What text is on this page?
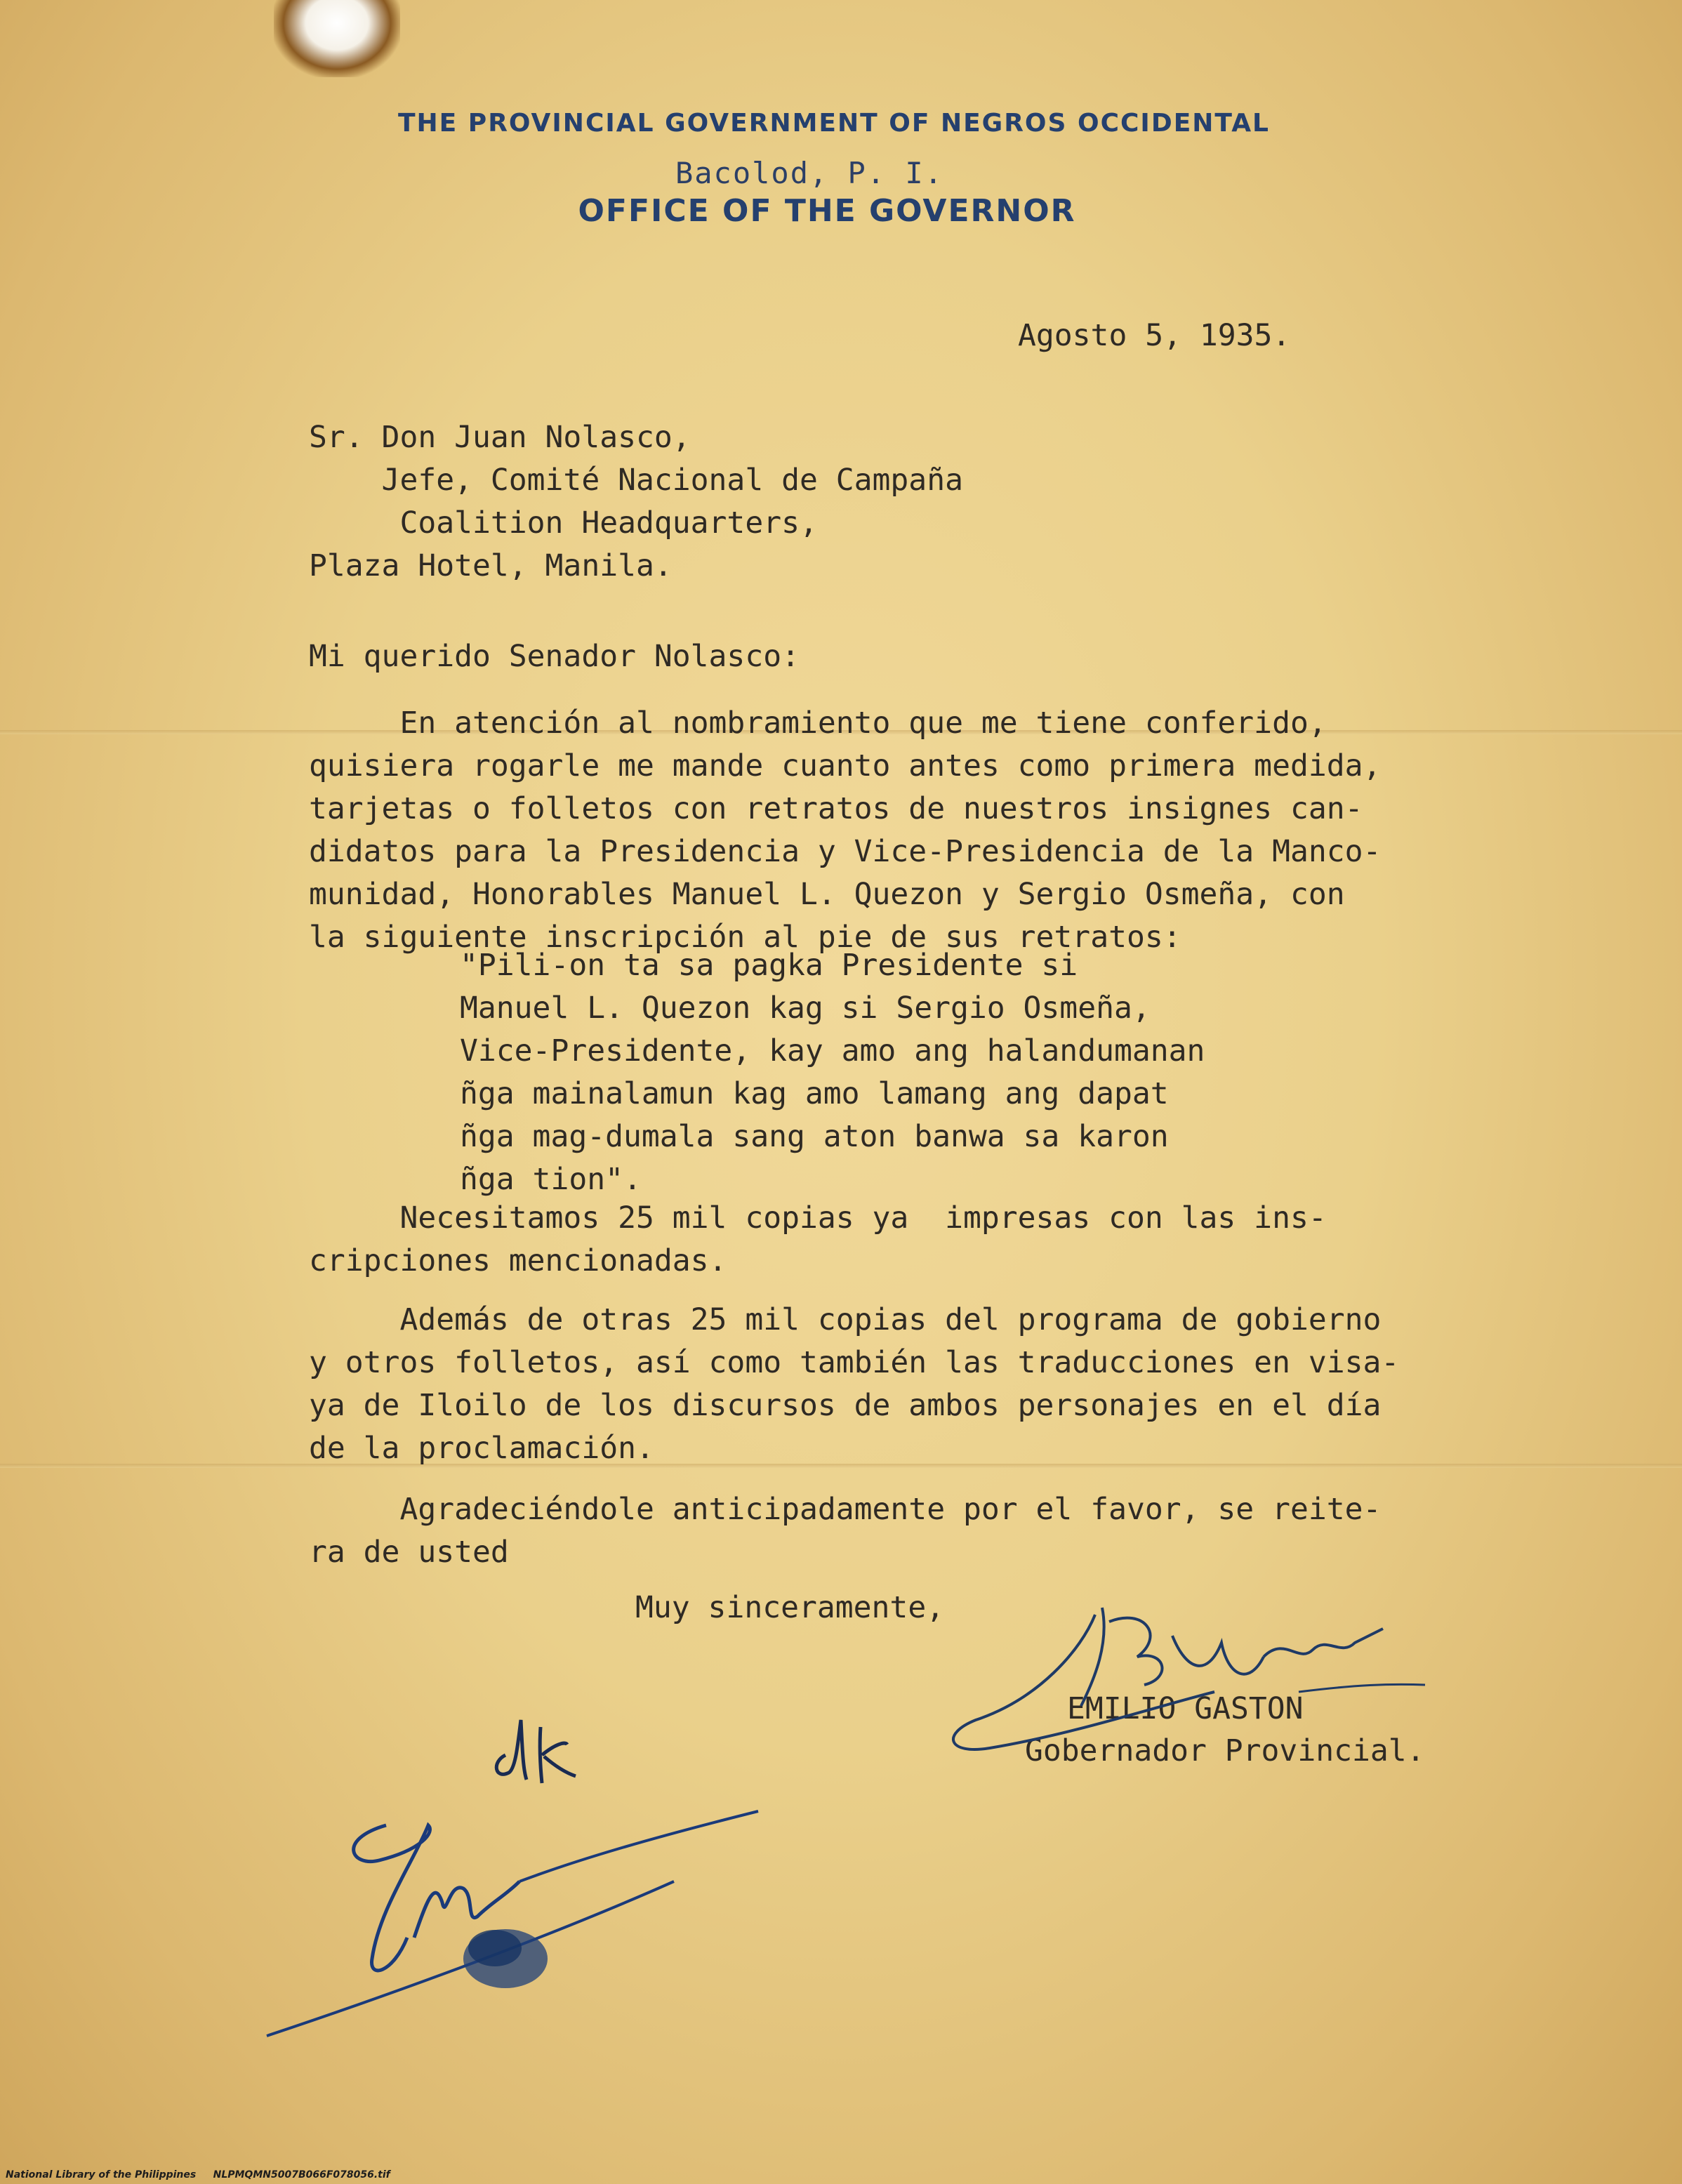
THE PROVINCIAL GOVERNMENT OF NEGROS OCCIDENTAL
Bacolod, P. I.
OFFICE OF THE GOVERNOR
Agosto 5, 1935.
Sr. Don Juan Nolasco,
Jefe, Comité Nacional de Campaña
Coalition Headquarters,
Plaza Hotel, Manila.
Mi querido Senador Nolasco:
En atención al nombramiento que me tiene conferido,
quisiera rogarle me mande cuanto antes como primera medida,
tarjetas o folletos con retratos de nuestros insignes can-
didatos para la Presidencia y Vice-Presidencia de la Manco-
munidad, Honorables Manuel L. Quezon y Sergio Osmeña, con
la siguiente inscripción al pie de sus retratos:
"Pili-on ta sa pagka Presidente si
Manuel L. Quezon kag si Sergio Osmeña,
Vice-Presidente, kay amo ang halandumanan
ñga mainalamun kag amo lamang ang dapat
ñga mag-dumala sang aton banwa sa karon
ñga tion".
Necesitamos 25 mil copias ya  impresas con las ins-
cripciones mencionadas.
Además de otras 25 mil copias del programa de gobierno
y otros folletos, así como también las traducciones en visa-
ya de Iloilo de los discursos de ambos personajes en el día
de la proclamación.
Agradeciéndole anticipadamente por el favor, se reite-
ra de usted
Muy sinceramente,
EMILIO GASTON
Gobernador Provincial.
National Library of the Philippines     NLPMQMN5007B066F078056.tif
